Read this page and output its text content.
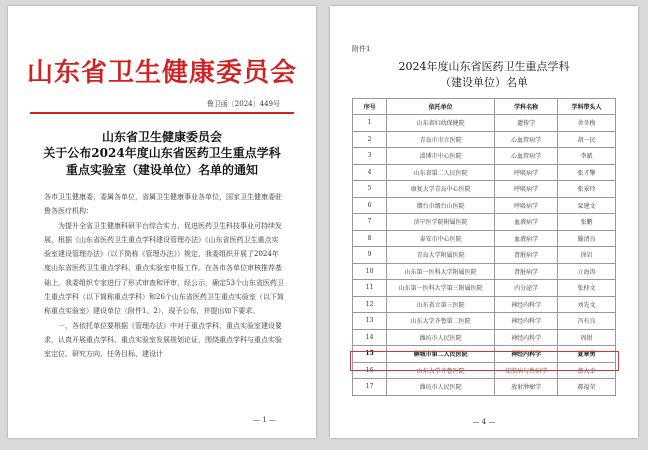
山东省卫生健康委员会
鲁卫函〔2024〕449号
山东省卫生健康委员会
关于公布2024年度山东省医药卫生重点学科
重点实验室（建设单位）名单的通知

各市卫生健康委，委属各单位，省属卫生健康事业各单位，国家卫生健康委驻鲁各医疗机构：

为提升全省卫生健康科研平台综合实力，促进医药卫生科技事业可持续发展，根据《山东省医药卫生重点学科建设管理办法》《山东省医药卫生重点实验室建设管理办法》（以下简称《管理办法》）规定，我委组织开展了2024年度山东省医药卫生重点学科、重点实验室申报工作。在各市各单位审核推荐基础上，我委组织专家进行了形式审查和评审，经公示，确定53个山东省医药卫生重点学科（以下简称重点学科）和26个山东省医药卫生重点实验室（以下简称重点实验室）建设单位（附件1、2），现予公布，并提出如下要求。

一、各依托单位要根据《管理办法》中对于重点学科、重点实验室建设要求，认真开展重点学科、重点实验室发展规划论证，围绕重点学科与重点实验室定位、研究方向、任务目标、建设计

— 1 —
附件1
2024年度山东省医药卫生重点学科
（建设单位）名单
序号	依托单位	学科名称	学科带头人
1	山东省妇幼保健院	遗传学	舍冬梅
2	青岛市市立医院	心血管病学	胡一民
3	淄博市中心医院	心血管病学	李斌
4	山东省第二人民医院	呼吸病学	张才擎
5	康复大学青岛中心医院	呼吸病学	张景玲
6	烟台市烟台山医院	呼吸病学	栾建文
7	济宁医学院附属医院	血液病学	张鹏
8	泰安市中心医院	血液病学	滕清良
9	青岛大学附属医院	肾脏病学	徐岩
10	山东第一医科大学附属医院	肾脏病学	亓海涛
11	山东第一医科大学第三附属医院	内分泌学	张仲文
12	山东省立第三医院	神经内科学	刘先文
13	山东大学齐鲁第二医院	神经内科学	冯有良
14	潍坊市人民医院	神经内科学	周钳
15	聊城市第二人民医院	神经内科学	夏章勇
16	山东大学齐鲁医院	皮肤病与性病学	蔡大幸
17	潍坊市人民医院	放射肿瘤学	郝福荣
— 4 —
